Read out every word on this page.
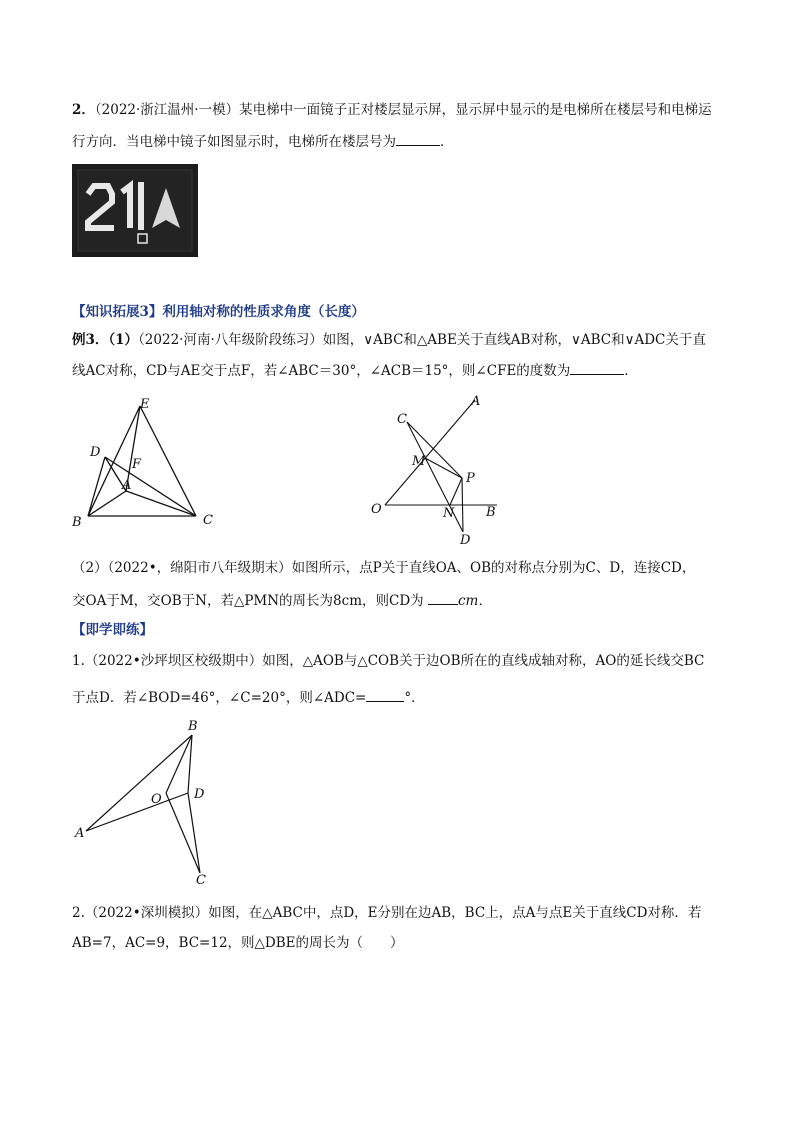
2．（2022·浙江温州·一模）某电梯中一面镜子正对楼层显示屏，显示屏中显示的是电梯所在楼层号和电梯运
行方向．当电梯中镜子如图显示时，电梯所在楼层号为	．
【知识拓展3】利用轴对称的性质求角度（长度）
例3．（1）（2022·河南·八年级阶段练习）如图，∨ABC和△ABE关于直线AB对称，∨ABC和∨ADC关于直
线AC对称，CD与AE交于点F，若∠ABC＝30°，∠ACB＝15°，则∠CFE的度数为	．
E
D
F
A
B	C
C
A
M
P
O	N B
D
（2）（2022•，绵阳市八年级期末）如图所示，点P关于直线OA、OB的对称点分别为C、D，连接CD，
交OA于M，交OB于N，若△PMN的周长为8cm，则CD为	cm．
【即学即练】
1.（2022•沙坪坝区校级期中）如图，△AOB与△COB关于边OB所在的直线成轴对称，AO的延长线交BC
于点D．若∠BOD=46°，∠C=20°，则∠ADC=	°．
B
O D
A
C
2.（2022•深圳模拟）如图，在△ABC中，点D，E分别在边AB，BC上，点A与点E关于直线CD对称．若
AB=7，AC=9，BC=12，则△DBE的周长为（　　）
